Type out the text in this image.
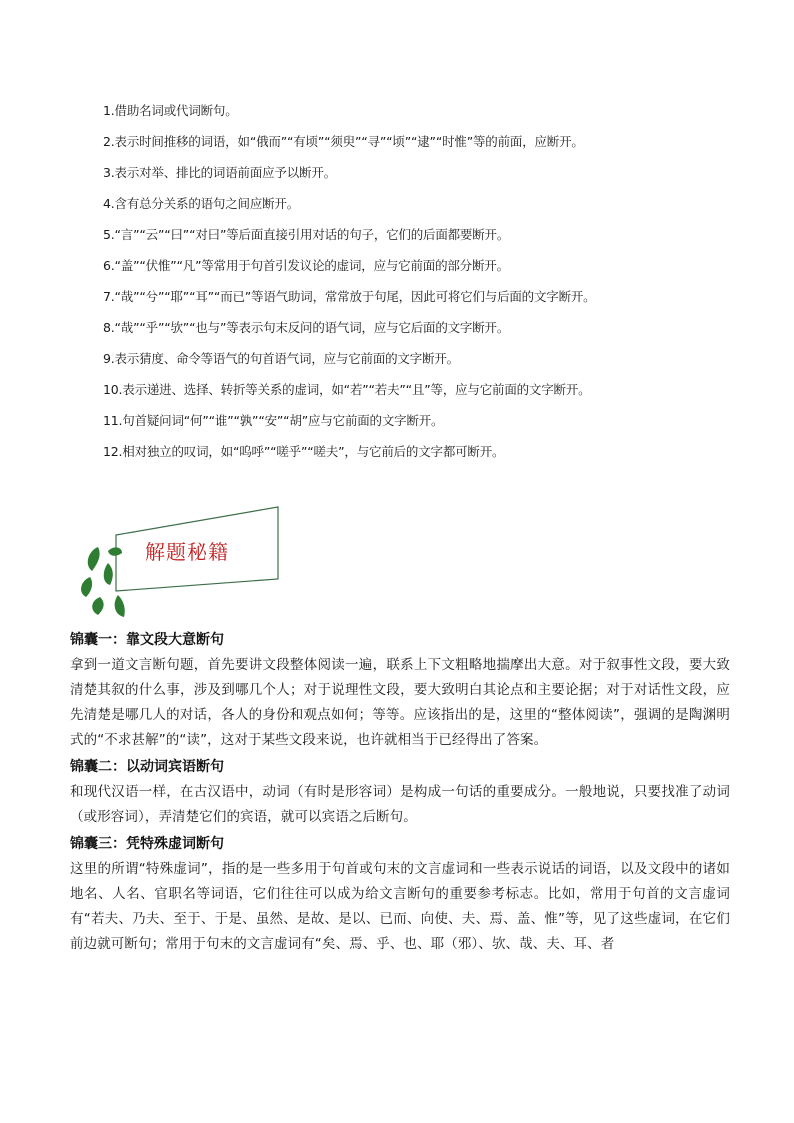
1.借助名词或代词断句。
2.表示时间推移的词语，如“俄而”“有顷”“须臾”“寻”“顷”“逮”“时惟”等的前面，应断开。
3.表示对举、排比的词语前面应予以断开。
4.含有总分关系的语句之间应断开。
5.“言”“云”“曰”“对曰”等后面直接引用对话的句子，它们的后面都要断开。
6.“盖”“伏惟”“凡”等常用于句首引发议论的虚词，应与它前面的部分断开。
7.“哉”“兮”“耶”“耳”“而已”等语气助词，常常放于句尾，因此可将它们与后面的文字断开。
8.“哉”“乎”“欤”“也与”等表示句末反问的语气词，应与它后面的文字断开。
9.表示猜度、命令等语气的句首语气词，应与它前面的文字断开。
10.表示递进、选择、转折等关系的虚词，如“若”“若夫”“且”等，应与它前面的文字断开。
11.句首疑问词“何”“谁”“孰”“安”“胡”应与它前面的文字断开。
12.相对独立的叹词，如“呜呼”“嗟乎”“嗟夫”，与它前后的文字都可断开。
解题秘籍
锦囊一：靠文段大意断句

拿到一道文言断句题，首先要讲文段整体阅读一遍，联系上下文粗略地揣摩出大意。对于叙事性文段，要大致清楚其叙的什么事，涉及到哪几个人；对于说理性文段，要大致明白其论点和主要论据；对于对话性文段，应先清楚是哪几人的对话，各人的身份和观点如何；等等。应该指出的是，这里的“整体阅读”，强调的是陶渊明式的“不求甚解”的“读”，这对于某些文段来说，也许就相当于已经得出了答案。

锦囊二：以动词宾语断句

和现代汉语一样，在古汉语中，动词（有时是形容词）是构成一句话的重要成分。一般地说，只要找准了动词（或形容词），弄清楚它们的宾语，就可以宾语之后断句。

锦囊三：凭特殊虚词断句

这里的所谓“特殊虚词”，指的是一些多用于句首或句末的文言虚词和一些表示说话的词语，以及文段中的诸如地名、人名、官职名等词语，它们往往可以成为给文言断句的重要参考标志。比如，常用于句首的文言虚词有“若夫、乃夫、至于、于是、虽然、是故、是以、已而、向使、夫、焉、盖、惟”等，见了这些虚词，在它们前边就可断句；常用于句末的文言虚词有“矣、焉、乎、也、耶（邪）、欤、哉、夫、耳、者
